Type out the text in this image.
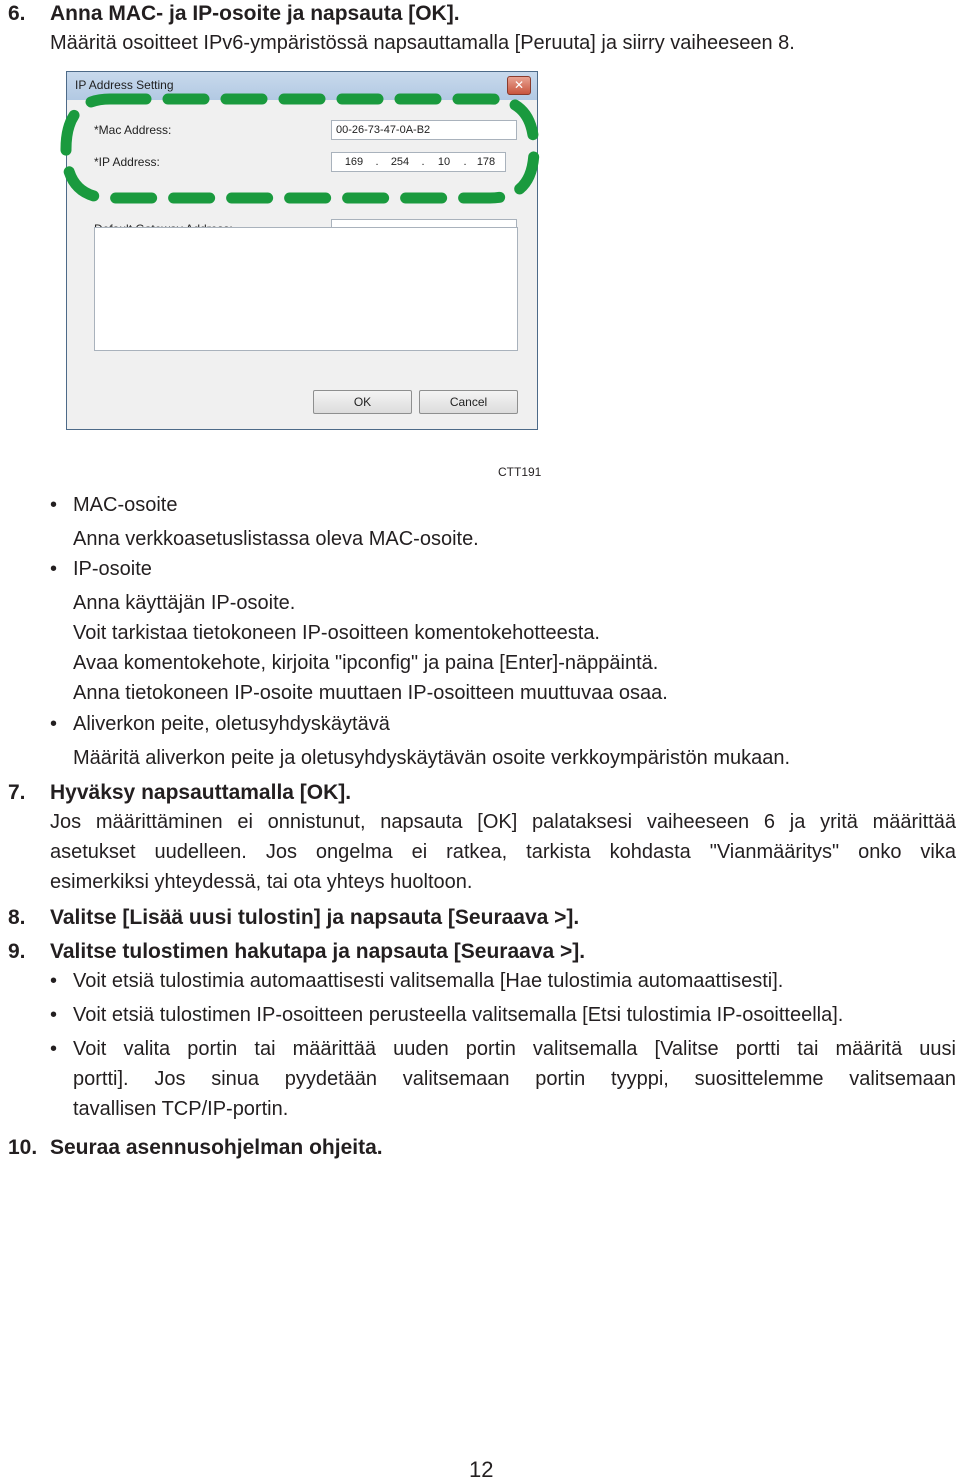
6. Anna MAC- ja IP-osoite ja napsauta [OK].
Määritä osoitteet IPv6-ympäristössä napsauttamalla [Peruuta] ja siirry vaiheeseen 8.
IP Address Setting	✕
*Mac Address:	00-26-73-47-0A-B2
*IP Address:	169 . 254 . 10 . 178
OK	Cancel
CTT191
• MAC-osoite
Anna verkkoasetuslistassa oleva MAC-osoite.
• IP-osoite
Anna käyttäjän IP-osoite.
Voit tarkistaa tietokoneen IP-osoitteen komentokehotteesta.
Avaa komentokehote, kirjoita "ipconfig" ja paina [Enter]-näppäintä.
Anna tietokoneen IP-osoite muuttaen IP-osoitteen muuttuvaa osaa.
• Aliverkon peite, oletusyhdyskäytävä
Määritä aliverkon peite ja oletusyhdyskäytävän osoite verkkoympäristön mukaan.
7. Hyväksy napsauttamalla [OK].
Jos määrittäminen ei onnistunut, napsauta [OK] palataksesi vaiheeseen 6 ja yritä määrittää
asetukset uudelleen. Jos ongelma ei ratkea, tarkista kohdasta "Vianmääritys" onko vika
esimerkiksi yhteydessä, tai ota yhteys huoltoon.
8. Valitse [Lisää uusi tulostin] ja napsauta [Seuraava >].
9. Valitse tulostimen hakutapa ja napsauta [Seuraava >].
• Voit etsiä tulostimia automaattisesti valitsemalla [Hae tulostimia automaattisesti].
• Voit etsiä tulostimen IP-osoitteen perusteella valitsemalla [Etsi tulostimia IP-osoitteella].
• Voit valita portin tai määrittää uuden portin valitsemalla [Valitse portti tai määritä uusi
portti]. Jos sinua pyydetään valitsemaan portin tyyppi, suosittelemme valitsemaan
tavallisen TCP/IP-portin.
10. Seuraa asennusohjelman ohjeita.
12
